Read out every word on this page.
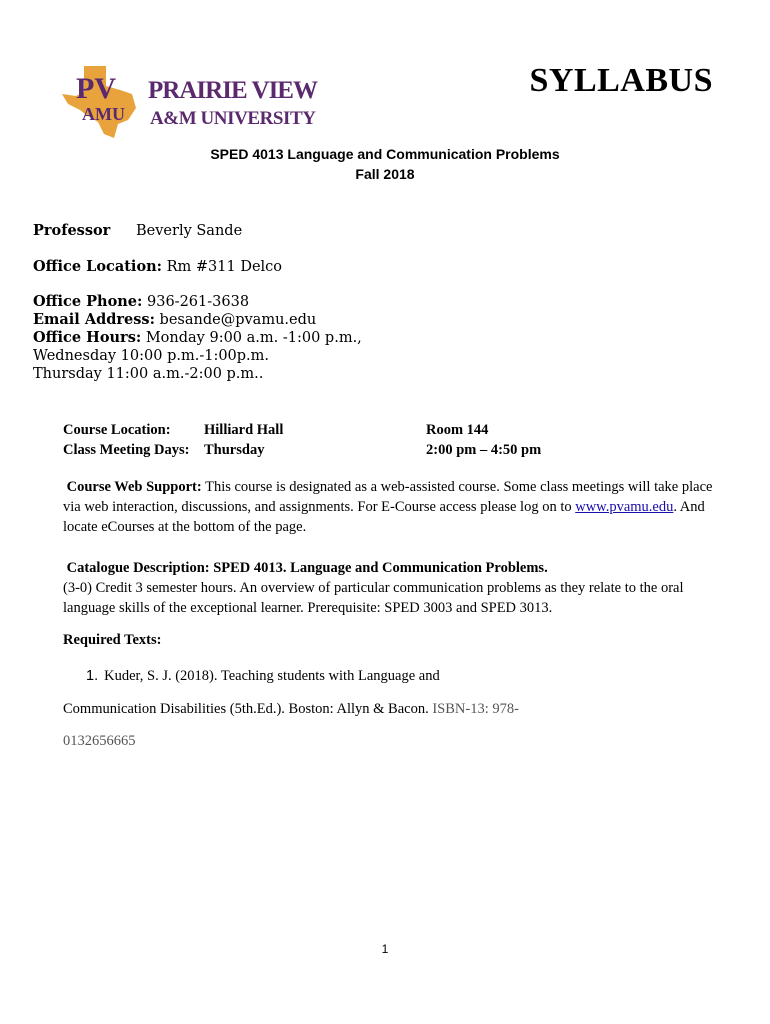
PV
AMU
PRAIRIE VIEW
A&M UNIVERSITY
SYLLABUS
SPED 4013 Language and Communication Problems
Fall 2018
Professor Beverly Sande
Office Location: Rm #311 Delco
Office Phone: 936-261-3638
Email Address: besande@pvamu.edu
Office Hours: Monday 9:00 a.m. -1:00 p.m.,
Wednesday 10:00 p.m.-1:00p.m.
Thursday 11:00 a.m.-2:00 p.m..
Course Location: Hilliard Hall	Room 144
Class Meeting Days: Thursday	2:00 pm – 4:50 pm
Course Web Support: This course is designated as a web-assisted course. Some class meetings will take place via web interaction, discussions, and assignments. For E-Course access please log on to www.pvamu.edu. And locate eCourses at the bottom of the page.
Catalogue Description: SPED 4013. Language and Communication Problems.
(3-0) Credit 3 semester hours. An overview of particular communication problems as they relate to the oral language skills of the exceptional learner. Prerequisite: SPED 3003 and SPED 3013.
Required Texts:
1. Kuder, S. J. (2018). Teaching students with Language and
Communication Disabilities (5th.Ed.). Boston: Allyn & Bacon. ISBN-13: 978-
0132656665
1
